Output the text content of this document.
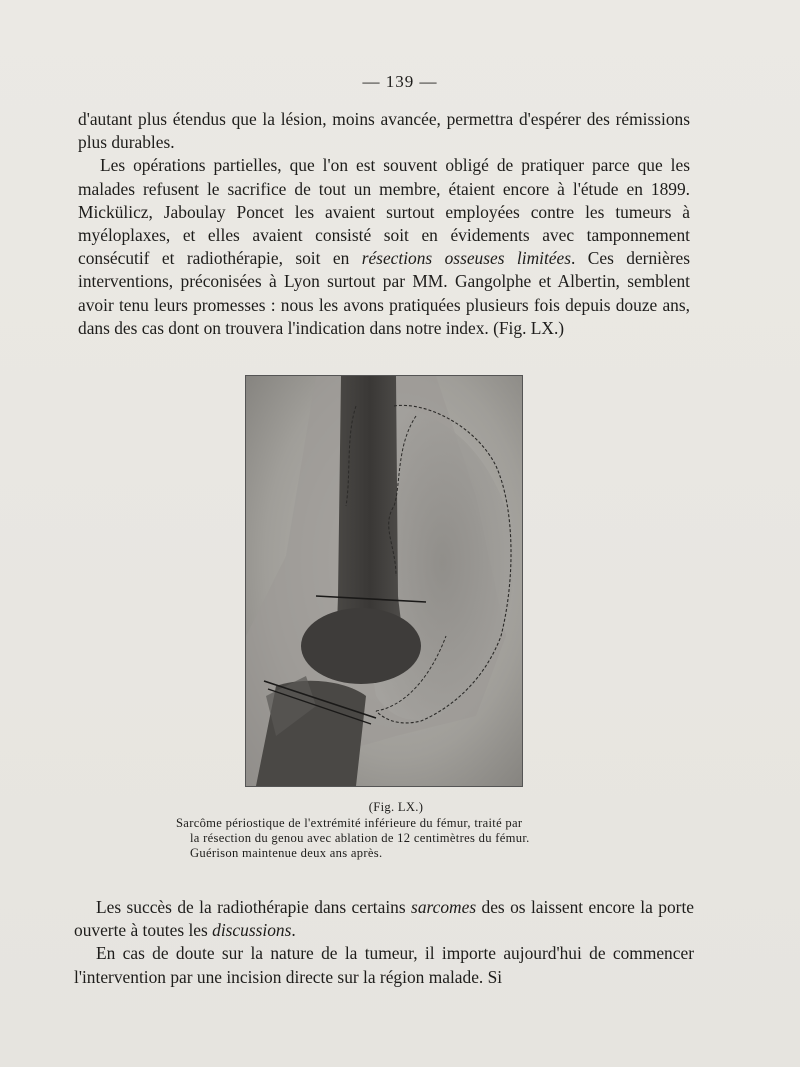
— 139 —

d'autant plus étendus que la lésion, moins avancée, permettra d'espérer des rémissions plus durables.

Les opérations partielles, que l'on est souvent obligé de pratiquer parce que les malades refusent le sacrifice de tout un membre, étaient encore à l'étude en 1899. Mickülicz, Jaboulay Poncet les avaient surtout employées contre les tumeurs à myéloplaxes, et elles avaient consisté soit en évidements avec tamponnement consécutif et radiothérapie, soit en résections osseuses limitées. Ces dernières interventions, préconisées à Lyon surtout par MM. Gangolphe et Albertin, semblent avoir tenu leurs promesses : nous les avons pratiquées plusieurs fois depuis douze ans, dans des cas dont on trouvera l'indication dans notre index. (Fig. LX.)

(Fig. LX.)
Sarcôme périostique de l'extrémité inférieure du fémur, traité par
la résection du genou avec ablation de 12 centimètres du fémur.
Guérison maintenue deux ans après.

Les succès de la radiothérapie dans certains sarcomes des os laissent encore la porte ouverte à toutes les discussions.

En cas de doute sur la nature de la tumeur, il importe aujourd'hui de commencer l'intervention par une incision directe sur la région malade. Si
